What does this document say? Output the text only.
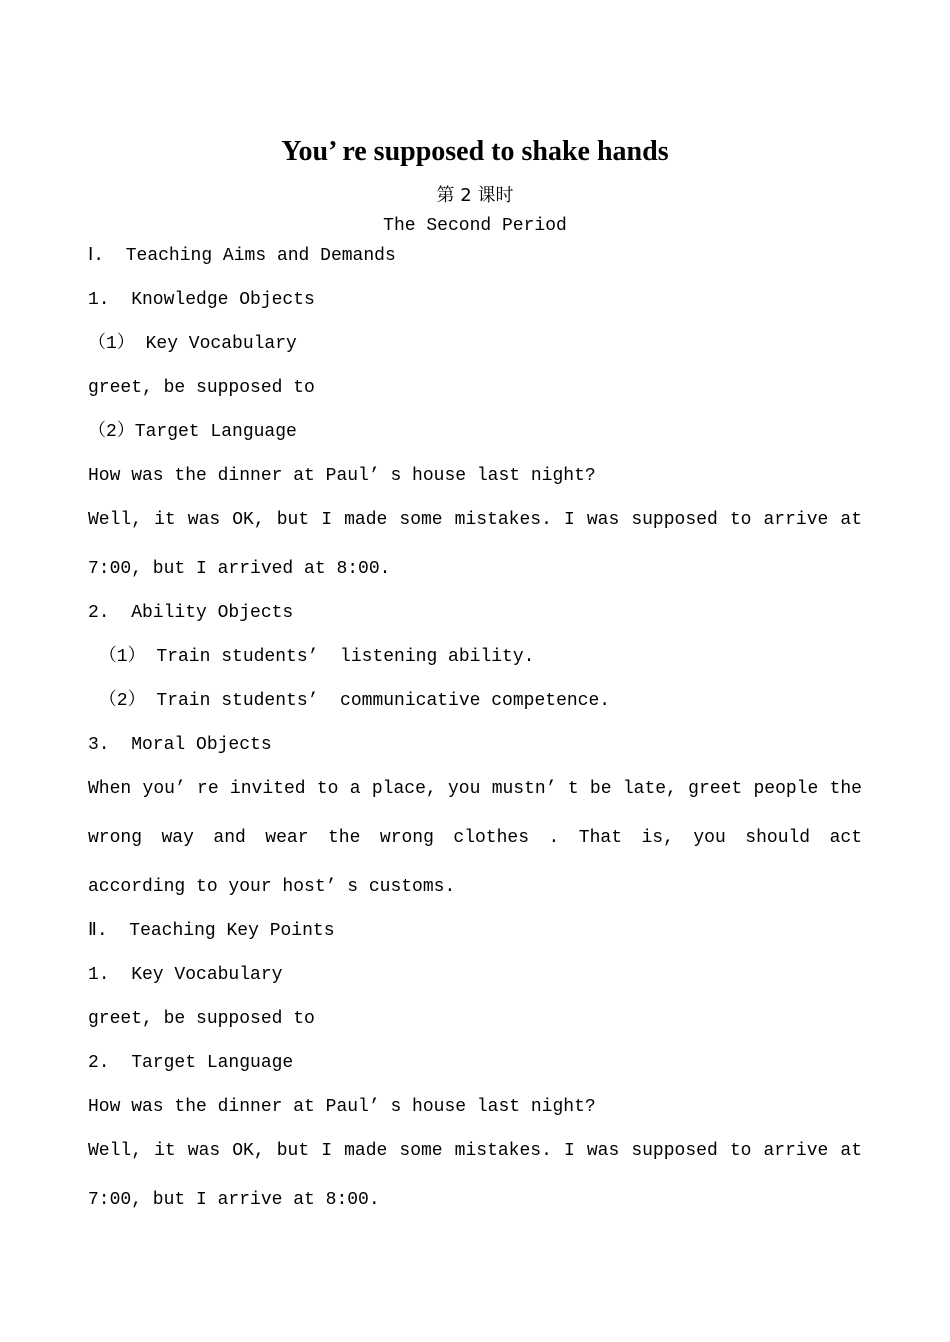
You’ re supposed to shake hands
第 2 课时
The Second Period
Ⅰ.  Teaching Aims and Demands
1.  Knowledge Objects
（1） Key Vocabulary
greet, be supposed to
（2）Target Language
How was the dinner at Paul’ s house last night?
Well, it was OK, but I made some mistakes. I was supposed to arrive at
7:00, but I arrived at 8:00.
2.  Ability Objects
（1） Train students’  listening ability.
（2） Train students’  communicative competence.
3.  Moral Objects
When you’ re invited to a place, you mustn’ t be late, greet people the
wrong way and wear the wrong clothes . That is, you should act
according to your host’ s customs.
Ⅱ.  Teaching Key Points
1.  Key Vocabulary
greet, be supposed to
2.  Target Language
How was the dinner at Paul’ s house last night?
Well, it was OK, but I made some mistakes. I was supposed to arrive at
7:00, but I arrive at 8:00.
